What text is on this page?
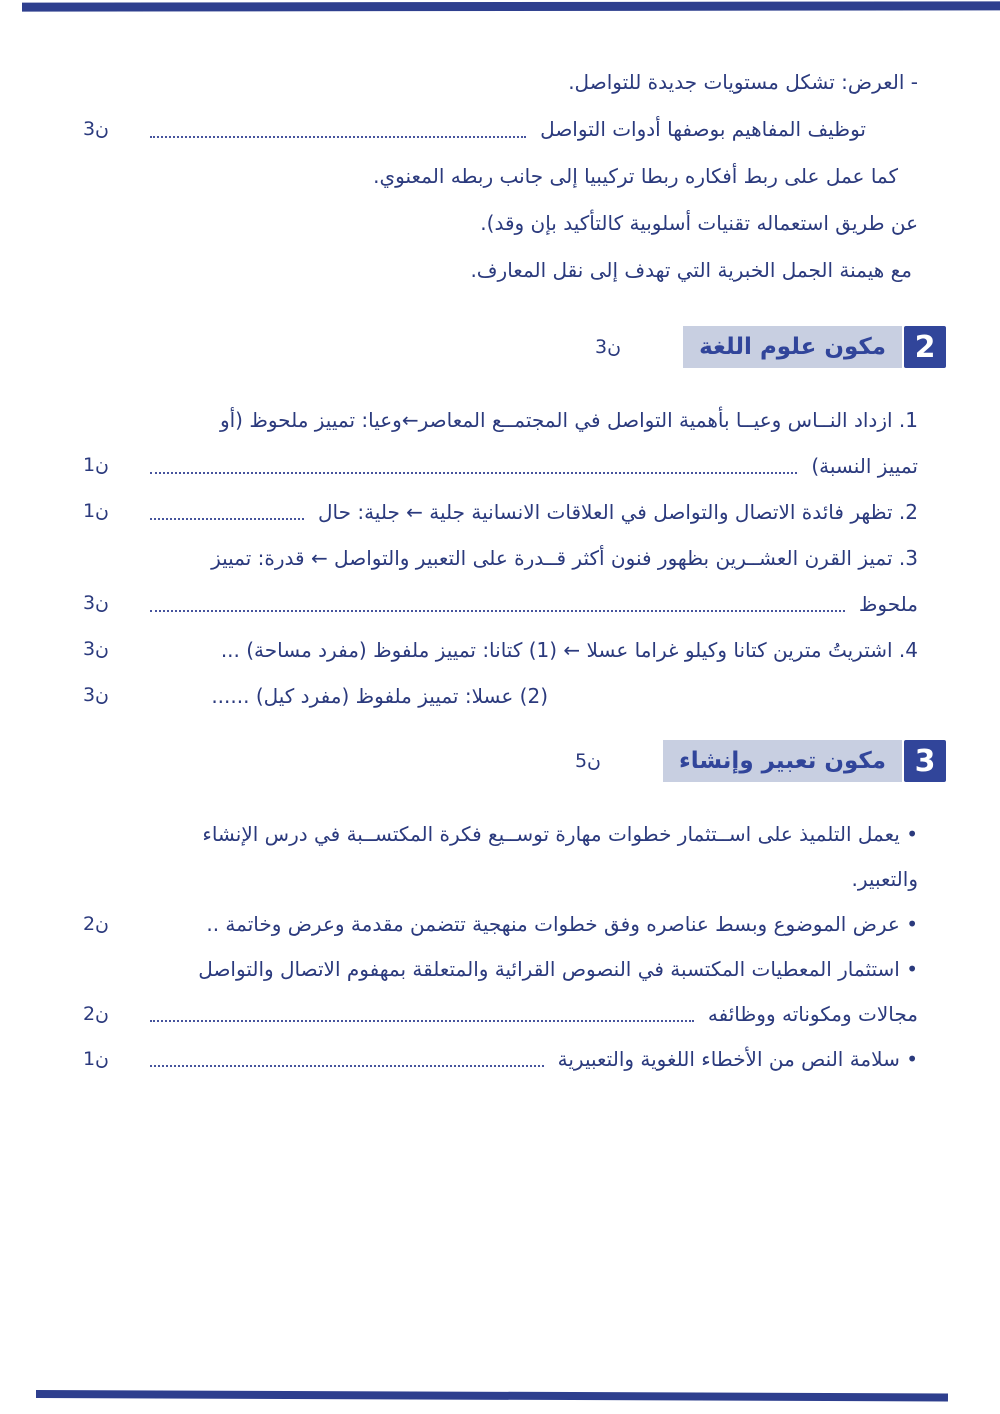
- العرض: تشكل مستويات جديدة للتواصل.
توظيف المفاهيم بوصفها أدوات التواصل
3ن
كما عمل على ربط أفكاره ربطا تركيبيا إلى جانب ربطه المعنوي.
عن طريق استعماله تقنيات أسلوبية كالتأكيد بإن وقد).
مع هيمنة الجمل الخبرية التي تهدف إلى نقل المعارف.
2
مكون علوم اللغة
3ن
1. ازداد النــاس وعيــا بأهمية التواصل في المجتمــع المعاصر←وعيا: تمييز ملحوظ (أو
تمييز النسبة)
1ن
2. تظهر فائدة الاتصال والتواصل في العلاقات الانسانية جلية ← جلية: حال
1ن
3. تميز القرن العشــرين بظهور فنون أكثر قــدرة على التعبير والتواصل ← قدرة: تمييز
ملحوظ
3ن
4. اشتريتُ مترين كتانا وكيلو غراما عسلا ← (1) كتانا: تمييز ملفوظ (مفرد مساحة) ...
3ن
(2) عسلا: تمييز ملفوظ (مفرد كيل) ......
3ن
3
مكون تعبير وإنشاء
5ن
• يعمل التلميذ على اســتثمار خطوات مهارة توســيع فكرة المكتســبة في درس الإنشاء
والتعبير.
• عرض الموضوع وبسط عناصره وفق خطوات منهجية تتضمن مقدمة وعرض وخاتمة ..
2ن
• استثمار المعطيات المكتسبة في النصوص القرائية والمتعلقة بمهفوم الاتصال والتواصل
مجالات ومكوناته ووظائفه
2ن
• سلامة النص من الأخطاء اللغوية والتعبيرية
1ن
